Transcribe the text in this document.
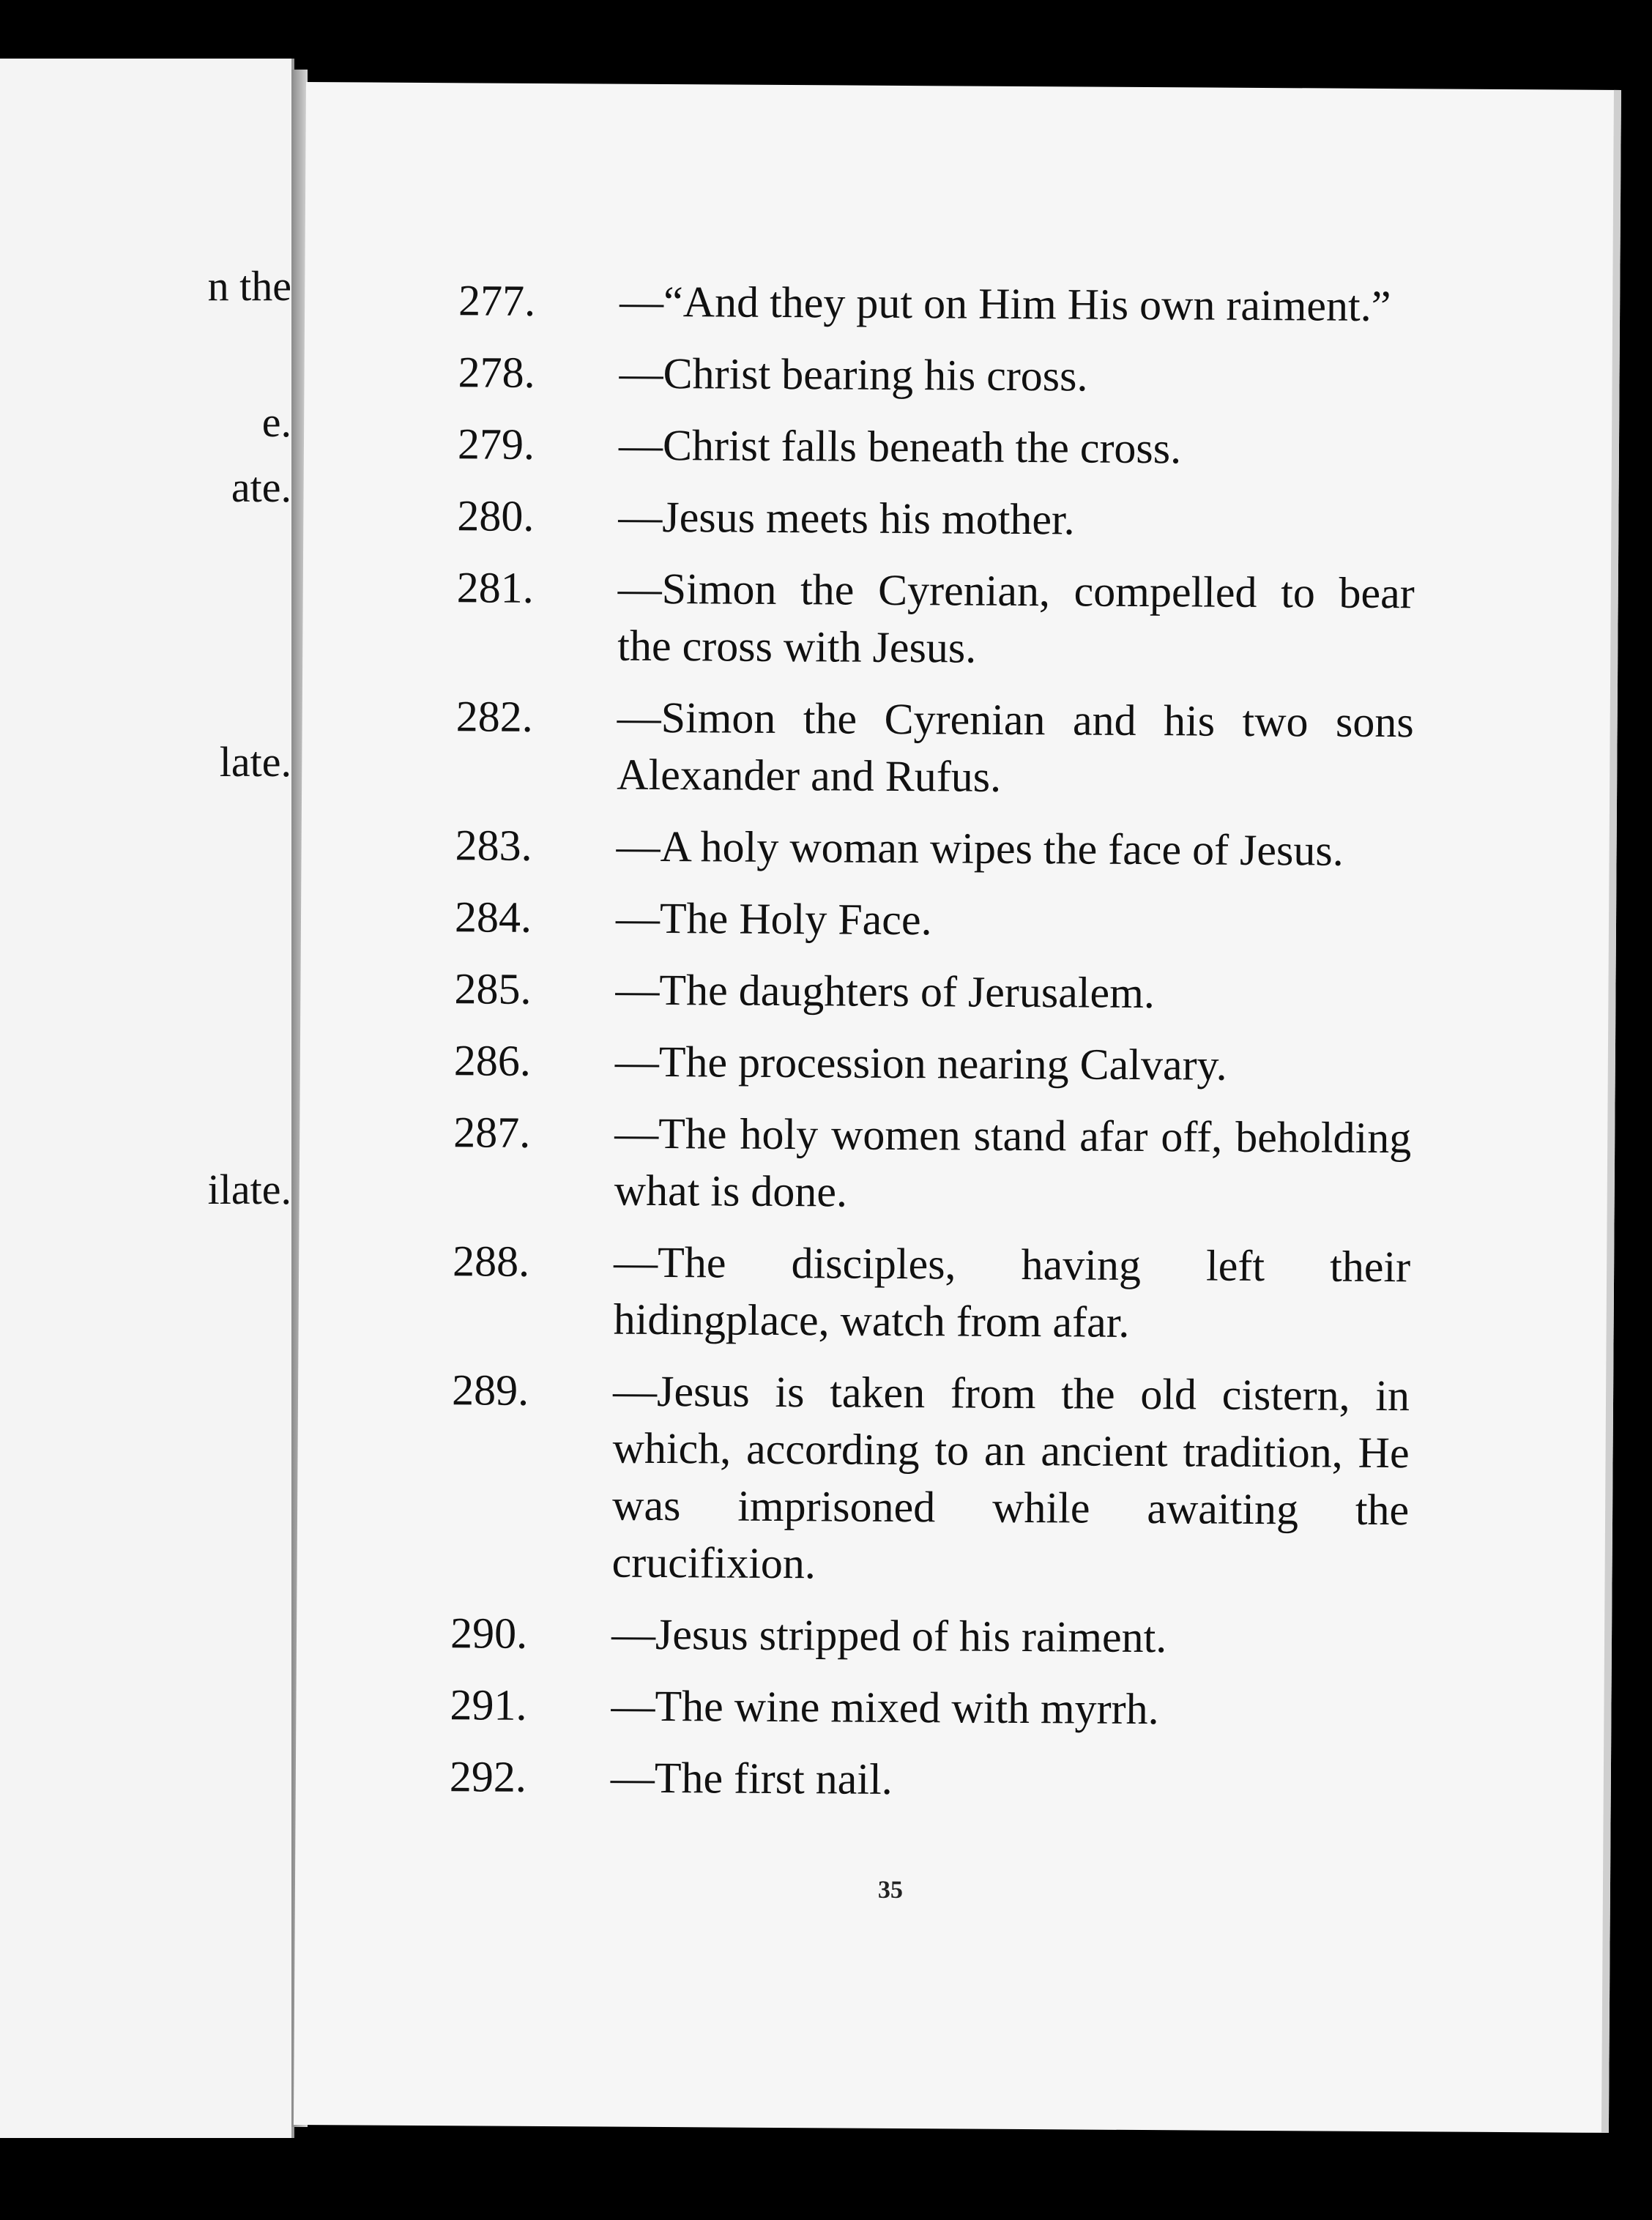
n the
e.
ate.
late.
ilate.
277.	—“And they put on Him His own raiment.”
278.	—Christ bearing his cross.
279.	—Christ falls beneath the cross.
280.	—Jesus meets his mother.
281.	—Simon the Cyrenian, compelled to bear the cross with Jesus.
282.	—Simon the Cyrenian and his two sons Alexander and Rufus.
283.	—A holy woman wipes the face of Jesus.
284.	—The Holy Face.
285.	—The daughters of Jerusalem.
286.	—The procession nearing Calvary.
287.	—The holy women stand afar off, beholding what is done.
288.	—The disciples, having left their hidingplace, watch from afar.
289.	—Jesus is taken from the old cistern, in which, according to an ancient tradition, He was imprisoned while awaiting the crucifixion.
290.	—Jesus stripped of his raiment.
291.	—The wine mixed with myrrh.
292.	—The first nail.
35
